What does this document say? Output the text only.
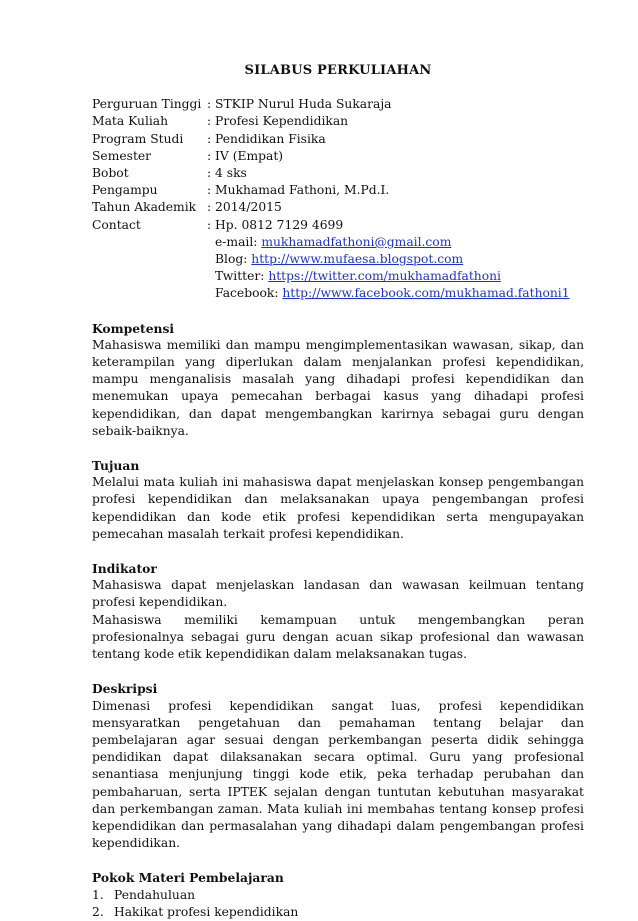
SILABUS PERKULIAHAN
Perguruan Tinggi	: STKIP Nurul Huda Sukaraja
Mata Kuliah	: Profesi Kependidikan
Program Studi	: Pendidikan Fisika
Semester	: IV (Empat)
Bobot	: 4 sks
Pengampu	: Mukhamad Fathoni, M.Pd.I.
Tahun Akademik	: 2014/2015
Contact	: Hp. 0812 7129 4699
e-mail: mukhamadfathoni@gmail.com
Blog: http://www.mufaesa.blogspot.com
Twitter: https://twitter.com/mukhamadfathoni
Facebook: http://www.facebook.com/mukhamad.fathoni1

Kompetensi

Mahasiswa memiliki dan mampu mengimplementasikan wawasan, sikap, dan keterampilan yang diperlukan dalam menjalankan profesi kependidikan, mampu menganalisis masalah yang dihadapi profesi kependidikan dan menemukan upaya pemecahan berbagai kasus yang dihadapi profesi kependidikan, dan dapat mengembangkan karirnya sebagai guru dengan sebaik-baiknya.

Tujuan

Melalui mata kuliah ini mahasiswa dapat menjelaskan konsep pengembangan profesi kependidikan dan melaksanakan upaya pengembangan profesi kependidikan dan kode etik profesi kependidikan serta mengupayakan pemecahan masalah terkait profesi kependidikan.

Indikator

Mahasiswa dapat menjelaskan landasan dan wawasan keilmuan tentang profesi kependidikan.

Mahasiswa memiliki kemampuan untuk mengembangkan peran profesionalnya sebagai guru dengan acuan sikap profesional dan wawasan tentang kode etik kependidikan dalam melaksanakan tugas.

Deskripsi

Dimenasi profesi kependidikan sangat luas, profesi kependidikan mensyaratkan pengetahuan dan pemahaman tentang belajar dan pembelajaran agar sesuai dengan perkembangan peserta didik sehingga pendidikan dapat dilaksanakan secara optimal. Guru yang profesional senantiasa menjunjung tinggi kode etik, peka terhadap perubahan dan pembaharuan, serta IPTEK sejalan dengan tuntutan kebutuhan masyarakat dan perkembangan zaman. Mata kuliah ini membahas tentang konsep profesi kependidikan dan permasalahan yang dihadapi dalam pengembangan profesi kependidikan.

Pokok Materi Pembelajaran

1. Pendahuluan
2. Hakikat profesi kependidikan
